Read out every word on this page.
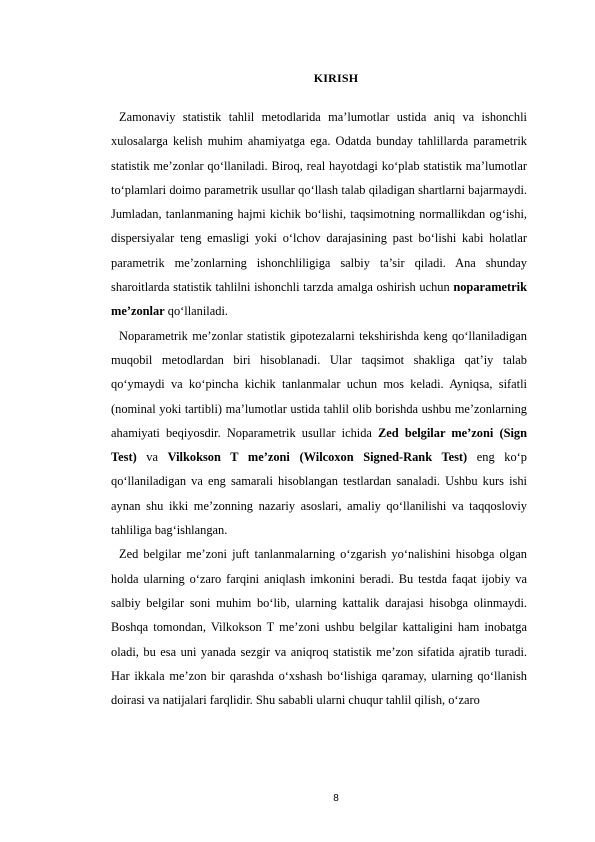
KIRISH

Zamonaviy statistik tahlil metodlarida ma’lumotlar ustida aniq va ishonchli xulosalarga kelish muhim ahamiyatga ega. Odatda bunday tahlillarda parametrik statistik me’zonlar qo‘llaniladi. Biroq, real hayotdagi ko‘plab statistik ma’lumotlar to‘plamlari doimo parametrik usullar qo‘llash talab qiladigan shartlarni bajarmaydi. Jumladan, tanlanmaning hajmi kichik bo‘lishi, taqsimotning normallikdan og‘ishi, dispersiyalar teng emasligi yoki o‘lchov darajasining past bo‘lishi kabi holatlar parametrik me’zonlarning ishonchliligiga salbiy ta’sir qiladi. Ana shunday sharoitlarda statistik tahlilni ishonchli tarzda amalga oshirish uchun noparametrik me’zonlar qo‘llaniladi.

Noparametrik me’zonlar statistik gipotezalarni tekshirishda keng qo‘llaniladigan muqobil metodlardan biri hisoblanadi. Ular taqsimot shakliga qat’iy talab qo‘ymaydi va ko‘pincha kichik tanlanmalar uchun mos keladi. Ayniqsa, sifatli (nominal yoki tartibli) ma’lumotlar ustida tahlil olib borishda ushbu me’zonlarning ahamiyati beqiyosdir. Noparametrik usullar ichida Zed belgilar me’zoni (Sign Test) va Vilkokson T me’zoni (Wilcoxon Signed-Rank Test) eng ko‘p qo‘llaniladigan va eng samarali hisoblangan testlardan sanaladi. Ushbu kurs ishi aynan shu ikki me’zonning nazariy asoslari, amaliy qo‘llanilishi va taqqosloviy tahliliga bag‘ishlangan.

Zed belgilar me’zoni juft tanlanmalarning o‘zgarish yo‘nalishini hisobga olgan holda ularning o‘zaro farqini aniqlash imkonini beradi. Bu testda faqat ijobiy va salbiy belgilar soni muhim bo‘lib, ularning kattalik darajasi hisobga olinmaydi. Boshqa tomondan, Vilkokson T me’zoni ushbu belgilar kattaligini ham inobatga oladi, bu esa uni yanada sezgir va aniqroq statistik me’zon sifatida ajratib turadi. Har ikkala me’zon bir qarashda o‘xshash bo‘lishiga qaramay, ularning qo‘llanish doirasi va natijalari farqlidir. Shu sababli ularni chuqur tahlil qilish, o‘zaro

8
